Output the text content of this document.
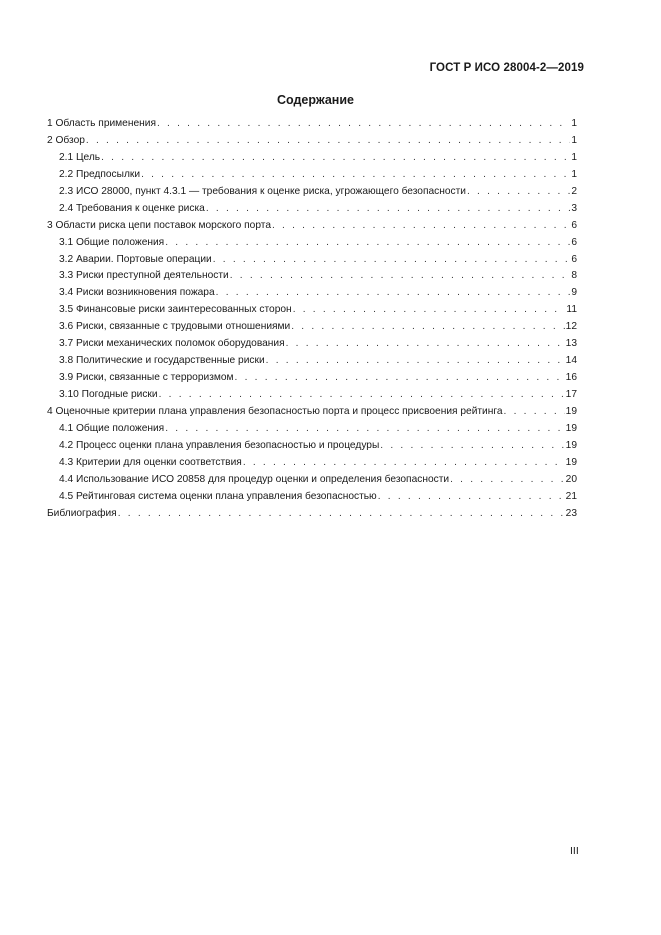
ГОСТ Р ИСО 28004-2—2019
Содержание
1 Область применения . . .	1
2 Обзор . . .	1
2.1 Цель . . .	1
2.2 Предпосылки . . .	1
2.3 ИСО 28000, пункт 4.3.1 — требования к оценке риска, угрожающего безопасности . . .	2
2.4 Требования к оценке риска . . .	3
3 Области риска цепи поставок морского порта . . .	6
3.1 Общие положения . . .	6
3.2 Аварии. Портовые операции . . .	6
3.3 Риски преступной деятельности . . .	8
3.4 Риски возникновения пожара . . .	9
3.5 Финансовые риски заинтересованных сторон . . .	11
3.6 Риски, связанные с трудовыми отношениями . . .	12
3.7 Риски механических поломок оборудования . . .	13
3.8 Политические и государственные риски . . .	14
3.9 Риски, связанные с терроризмом . . .	16
3.10 Погодные риски . . .	17
4 Оценочные критерии плана управления безопасностью порта и процесс присвоения рейтинга . . .	19
4.1 Общие положения . . .	19
4.2 Процесс оценки плана управления безопасностью и процедуры . . .	19
4.3 Критерии для оценки соответствия . . .	19
4.4 Использование ИСО 20858 для процедур оценки и определения безопасности . . .	20
4.5 Рейтинговая система оценки плана управления безопасностью . . .	21
Библиография . . .	23
III
